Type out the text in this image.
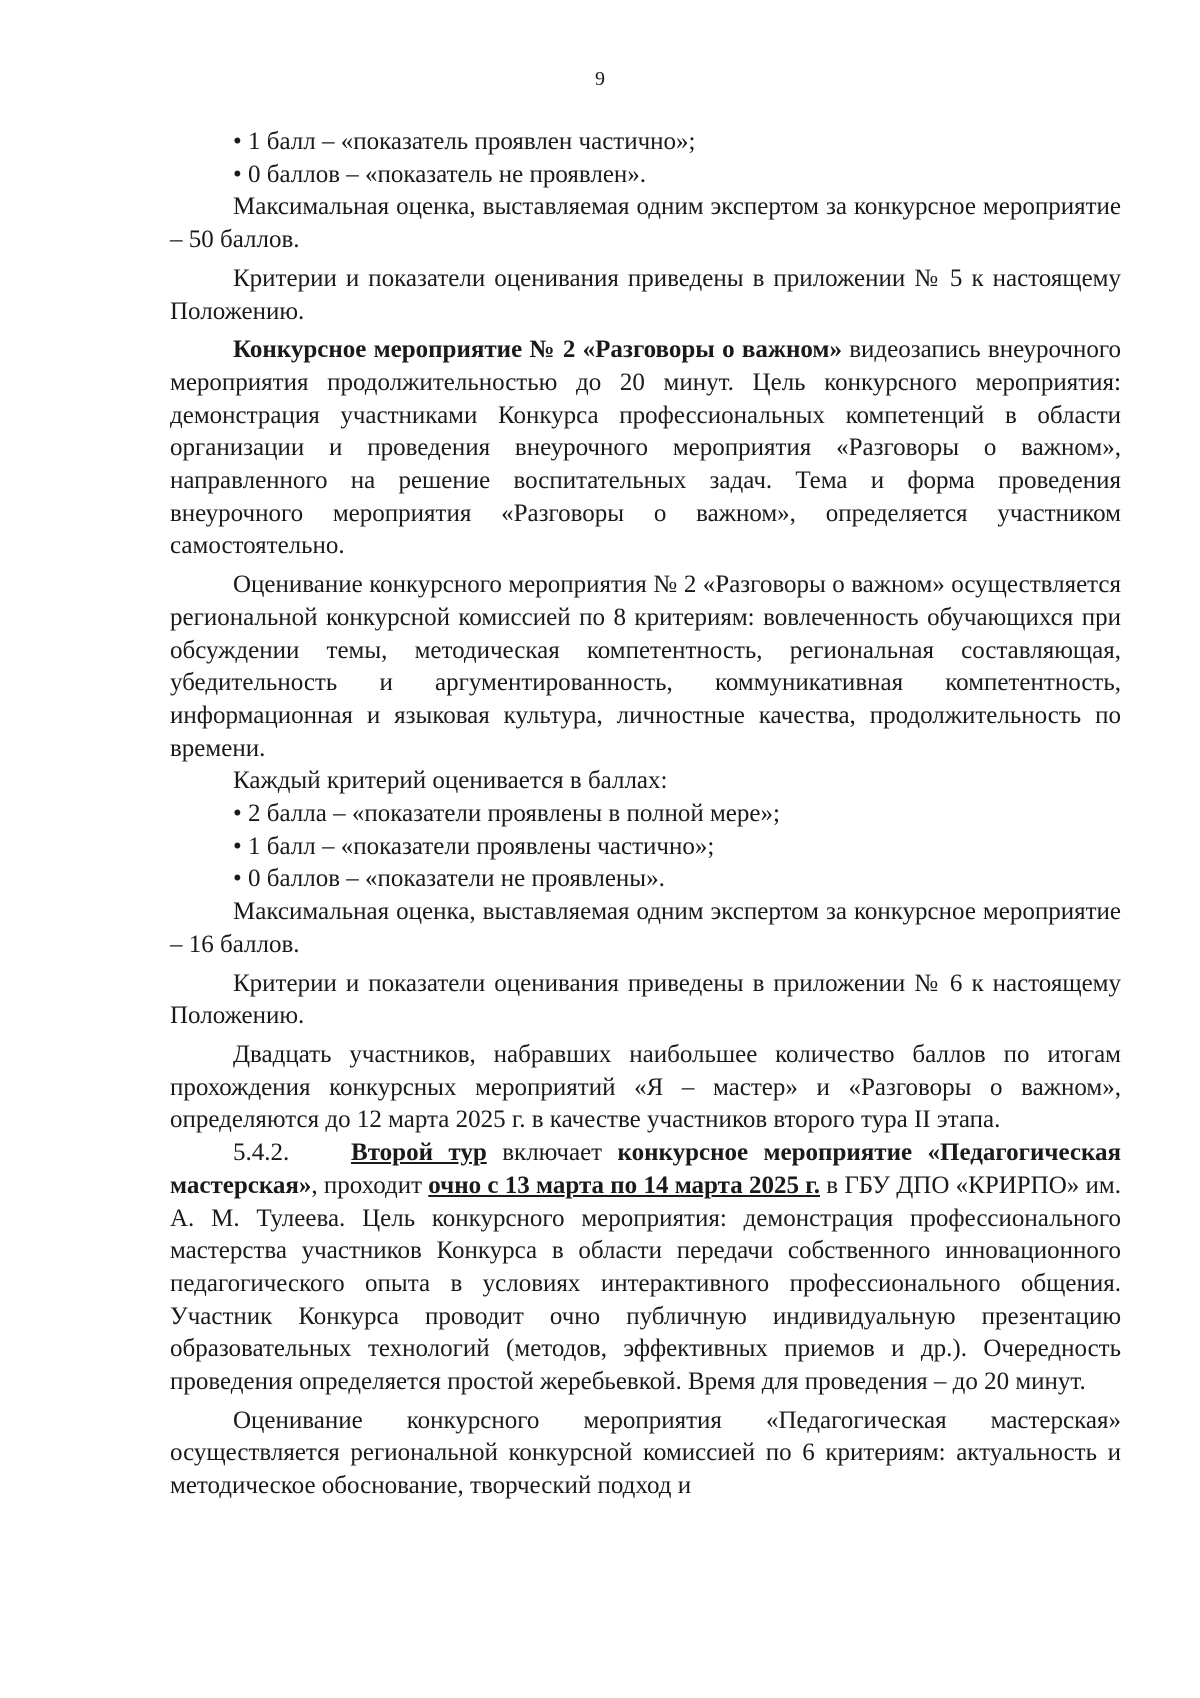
9

• 1 балл – «показатель проявлен частично»;

• 0 баллов – «показатель не проявлен».

Максимальная оценка, выставляемая одним экспертом за конкурсное мероприятие – 50 баллов.

Критерии и показатели оценивания приведены в приложении № 5 к настоящему Положению.

Конкурсное мероприятие № 2 «Разговоры о важном» видеозапись внеурочного мероприятия продолжительностью до 20 минут. Цель конкурсного мероприятия: демонстрация участниками Конкурса профессиональных компетенций в области организации и проведения внеурочного мероприятия «Разговоры о важном», направленного на решение воспитательных задач. Тема и форма проведения внеурочного мероприятия «Разговоры о важном», определяется участником самостоятельно.

Оценивание конкурсного мероприятия № 2 «Разговоры о важном» осуществляется региональной конкурсной комиссией по 8 критериям: вовлеченность обучающихся при обсуждении темы, методическая компетентность, региональная составляющая, убедительность и аргументированность, коммуникативная компетентность, информационная и языковая культура, личностные качества, продолжительность по времени.

Каждый критерий оценивается в баллах:

• 2 балла – «показатели проявлены в полной мере»;

• 1 балл – «показатели проявлены частично»;

• 0 баллов – «показатели не проявлены».

Максимальная оценка, выставляемая одним экспертом за конкурсное мероприятие – 16 баллов.

Критерии и показатели оценивания приведены в приложении № 6 к настоящему Положению.

Двадцать участников, набравших наибольшее количество баллов по итогам прохождения конкурсных мероприятий «Я – мастер» и «Разговоры о важном», определяются до 12 марта 2025 г. в качестве участников второго тура II этапа.

5.4.2. Второй тур включает конкурсное мероприятие «Педагогическая мастерская», проходит очно с 13 марта по 14 марта 2025 г. в ГБУ ДПО «КРИРПО» им. А. М. Тулеева. Цель конкурсного мероприятия: демонстрация профессионального мастерства участников Конкурса в области передачи собственного инновационного педагогического опыта в условиях интерактивного профессионального общения. Участник Конкурса проводит очно публичную индивидуальную презентацию образовательных технологий (методов, эффективных приемов и др.). Очередность проведения определяется простой жеребьевкой. Время для проведения – до 20 минут.

Оценивание конкурсного мероприятия «Педагогическая мастерская» осуществляется региональной конкурсной комиссией по 6 критериям: актуальность и методическое обоснование, творческий подход и
